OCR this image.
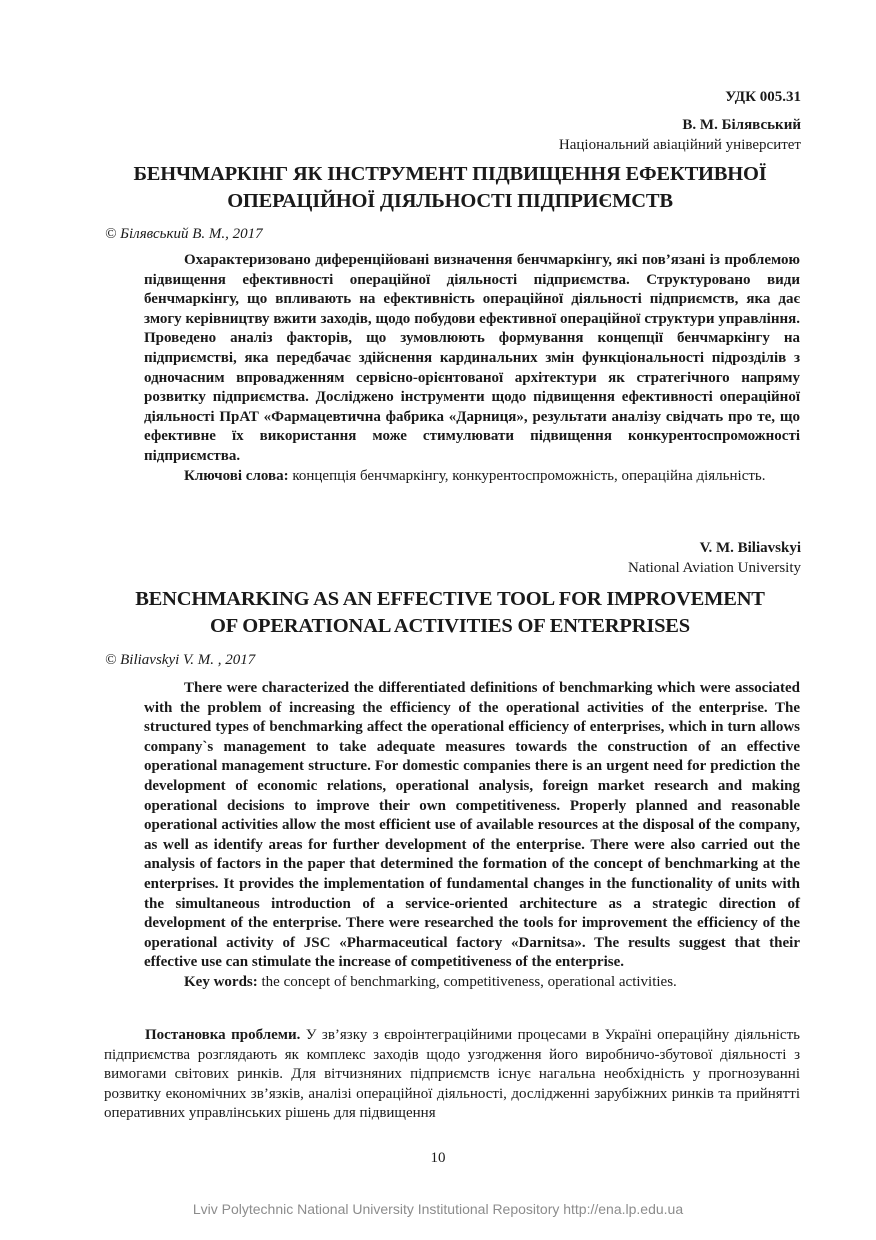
УДК 005.31
В. М. Білявський
Національний авіаційний університет
БЕНЧМАРКІНГ ЯК ІНСТРУМЕНТ ПІДВИЩЕННЯ ЕФЕКТИВНОЇ
ОПЕРАЦІЙНОЇ ДІЯЛЬНОСТІ ПІДПРИЄМСТВ
© Білявський В. М., 2017

Охарактеризовано диференційовані визначення бенчмаркінгу, які пов’язані із проблемою підвищення ефективності операційної діяльності підприємства. Структуровано види бенчмаркінгу, що впливають на ефективність операційної діяльності підприємств, яка дає змогу керівництву вжити заходів, щодо побудови ефективної операційної структури управління. Проведено аналіз факторів, що зумовлюють формування концепції бенчмаркінгу на підприємстві, яка передбачає здійснення кардинальних змін функціональності підрозділів з одночасним впровадженням сервісно-орієнтованої архітектури як стратегічного напряму розвитку підприємства. Досліджено інструменти щодо підвищення ефективності операційної діяльності ПрАТ «Фармацевтична фабрика «Дарниця», результати аналізу свідчать про те, що ефективне їх використання може стимулювати підвищення конкурентоспроможності підприємства.

Ключові слова: концепція бенчмаркінгу, конкурентоспроможність, операційна діяльність.

V. M. Biliavskyi
National Aviation University
BENCHMARKING AS AN EFFECTIVE TOOL FOR IMPROVEMENT
OF OPERATIONAL ACTIVITIES OF ENTERPRISES
© Biliavskyi V. M. , 2017

There were characterized the differentiated definitions of benchmarking which were associated with the problem of increasing the efficiency of the operational activities of the enterprise. The structured types of benchmarking affect the operational efficiency of enterprises, which in turn allows company`s management to take adequate measures towards the construction of an effective operational management structure. For domestic companies there is an urgent need for prediction the development of economic relations, operational analysis, foreign market research and making operational decisions to improve their own competitiveness. Properly planned and reasonable operational activities allow the most efficient use of available resources at the disposal of the company, as well as identify areas for further development of the enterprise. There were also carried out the analysis of factors in the paper that determined the formation of the concept of benchmarking at the enterprises. It provides the implementation of fundamental changes in the functionality of units with the simultaneous introduction of a service-oriented architecture as a strategic direction of development of the enterprise. There were researched the tools for improvement the efficiency of the operational activity of JSC «Pharmaceutical factory «Darnitsa». The results suggest that their effective use can stimulate the increase of competitiveness of the enterprise.

Key words: the concept of benchmarking, competitiveness, operational activities.

Постановка проблеми. У зв’язку з євроінтеграційними процесами в Україні операційну діяльність підприємства розглядають як комплекс заходів щодо узгодження його виробничо-збутової діяльності з вимогами світових ринків. Для вітчизняних підприємств існує нагальна необхідність у прогнозуванні розвитку економічних зв’язків, аналізі операційної діяльності, дослідженні зарубіжних ринків та прийнятті оперативних управлінських рішень для підвищення

10
Lviv Polytechnic National University Institutional Repository http://ena.lp.edu.ua
